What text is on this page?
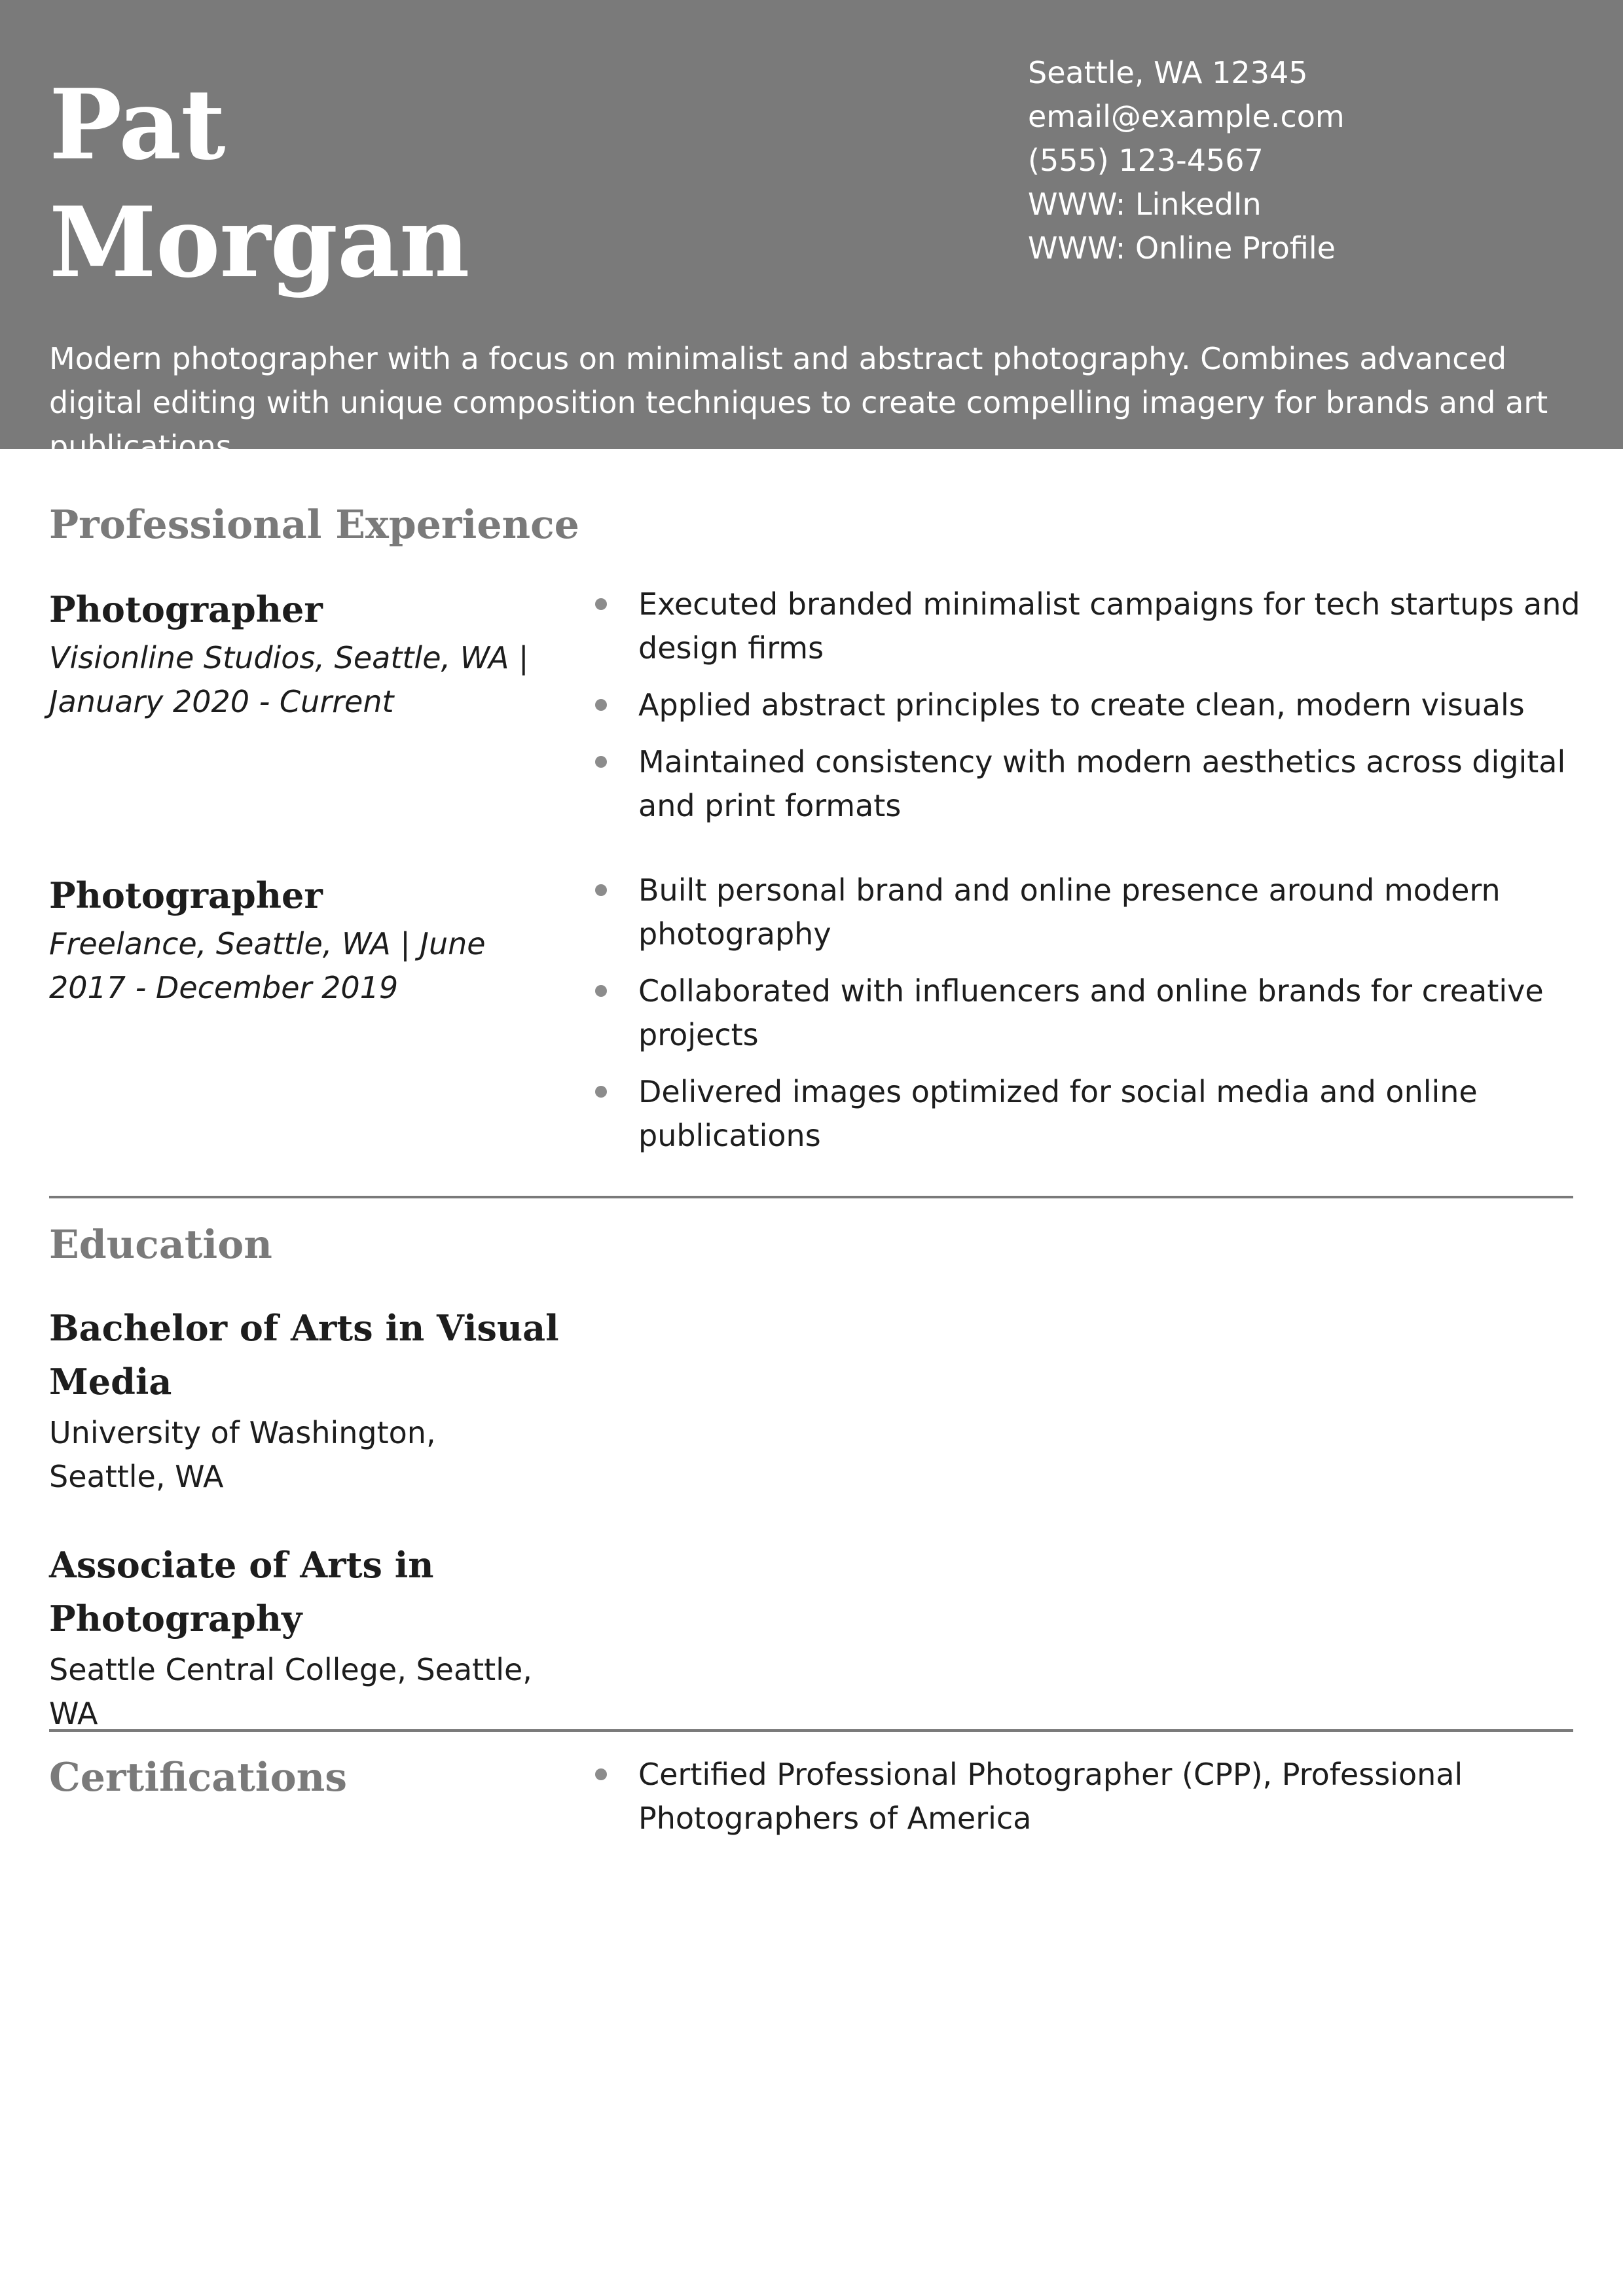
Pat
Morgan
Seattle, WA 12345
email@example.com
(555) 123-4567
WWW: LinkedIn
WWW: Online Profile

Modern photographer with a focus on minimalist and abstract photography. Combines advanced digital editing with unique composition techniques to create compelling imagery for brands and art publications.

Professional Experience
Photographer

Visionline Studios, Seattle, WA | January 2020 - Current

Executed branded minimalist campaigns for tech startups and design firms
Applied abstract principles to create clean, modern visuals
Maintained consistency with modern aesthetics across digital and print formats
Photographer

Freelance, Seattle, WA | June 2017 - December 2019

Built personal brand and online presence around modern photography
Collaborated with influencers and online brands for creative projects
Delivered images optimized for social media and online publications
Education
Bachelor of Arts in Visual Media

University of Washington, Seattle, WA

Associate of Arts in Photography

Seattle Central College, Seattle, WA

Certifications	Certified Professional Photographer (CPP), Professional Photographers of America
